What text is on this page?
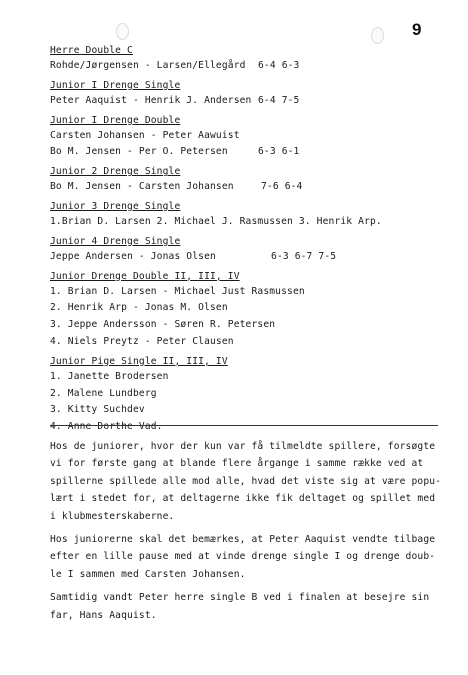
9
Herre Double C
Rohde/Jørgensen - Larsen/Ellegård 6-4 6-3
Junior I Drenge Single
Peter Aaquist - Henrik J. Andersen 6-4 7-5
Junior I Drenge Double
Carsten Johansen - Peter Aawuist
Bo M. Jensen - Per O. Petersen	6-3 6-1
Junior 2 Drenge Single
Bo M. Jensen - Carsten Johansen	7-6 6-4
Junior 3 Drenge Single
1.Brian D. Larsen 2. Michael J. Rasmussen 3. Henrik Arp.
Junior 4 Drenge Single
Jeppe Andersen - Jonas Olsen	6-3 6-7 7-5
Junior Drenge Double II, III, IV
1. Brian D. Larsen - Michael Just Rasmussen
2. Henrik Arp - Jonas M. Olsen
3. Jeppe Andersson - Søren R. Petersen
4. Niels Preytz - Peter Clausen
Junior Pige Single II, III, IV
1. Janette Brodersen
2. Malene Lundberg
3. Kitty Suchdev
4. Anne Dorthe Vad.

Hos de juniorer, hvor der kun var få tilmeldte spillere, forsøgte
vi for første gang at blande flere årgange i samme række ved at
spillerne spillede alle mod alle, hvad det viste sig at være popu-
lært i stedet for, at deltagerne ikke fik deltaget og spillet med
i klubmesterskaberne.

Hos juniorerne skal det bemærkes, at Peter Aaquist vendte tilbage
efter en lille pause med at vinde drenge single I og drenge doub-
le I sammen med Carsten Johansen.

Samtidig vandt Peter herre single B ved i finalen at besejre sin
far, Hans Aaquist.
